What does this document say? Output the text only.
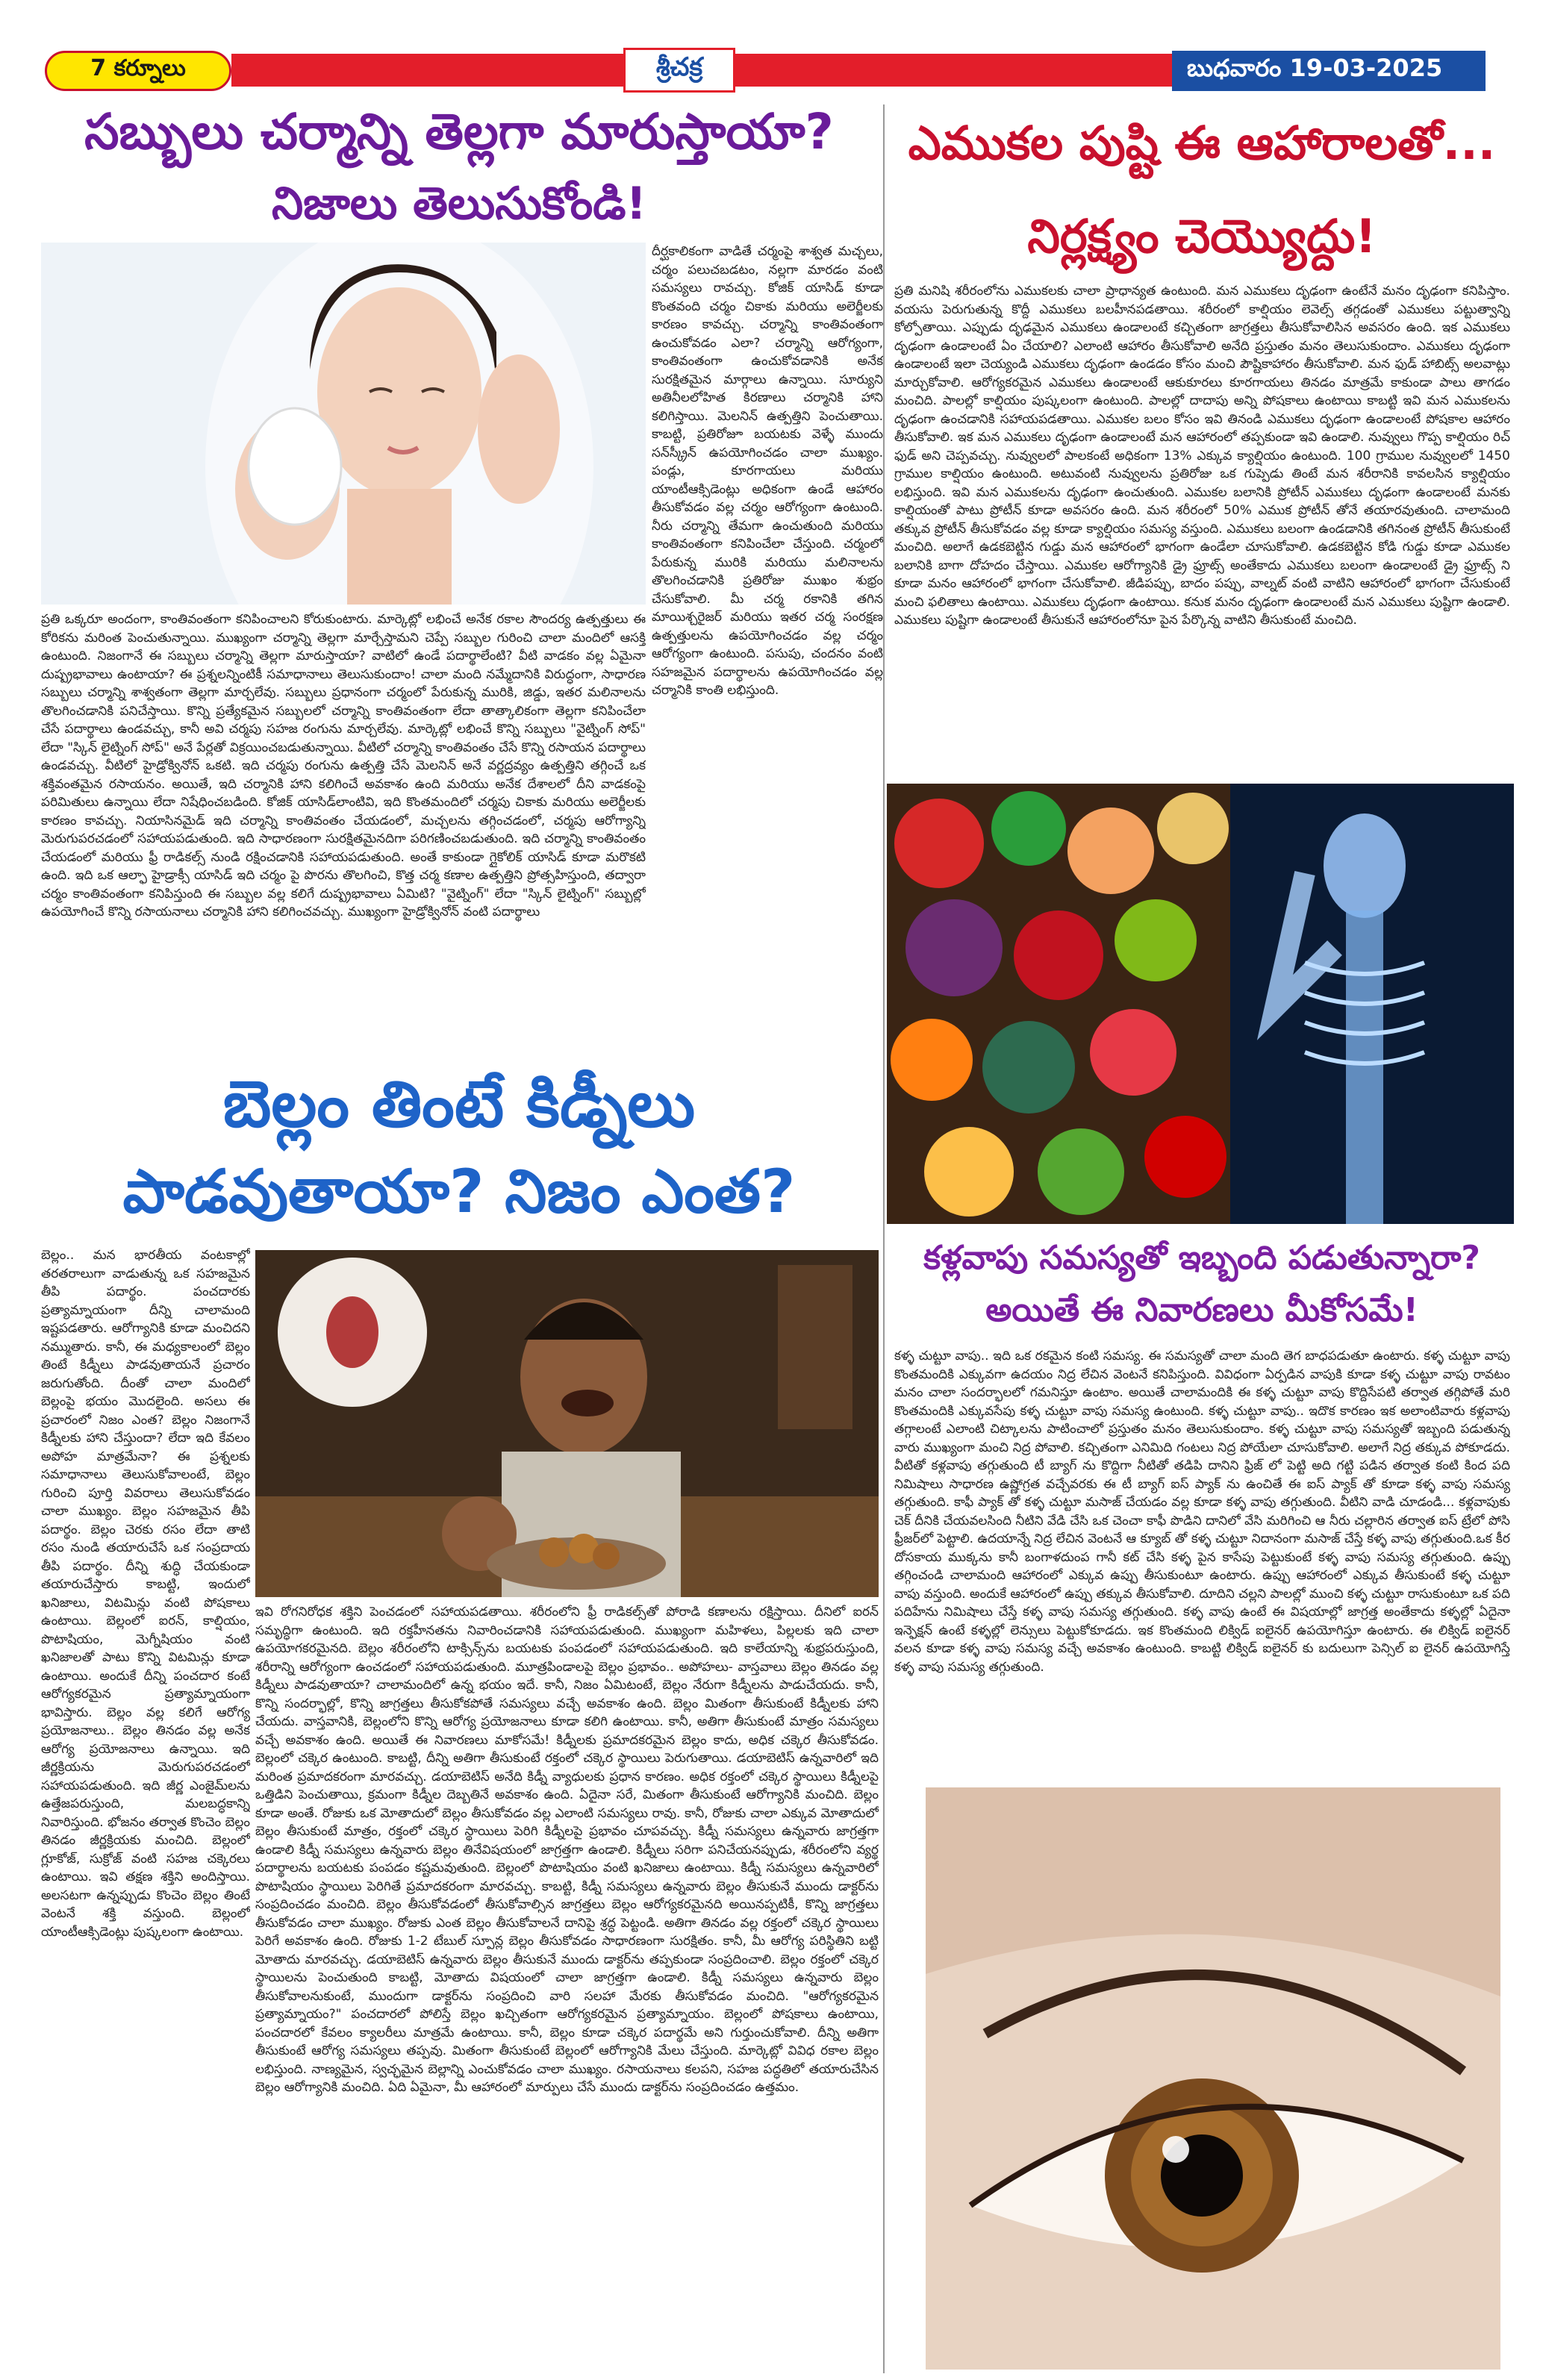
7 కర్నూలు	శ్రీచక్ర	బుధవారం 19-03-2025
సబ్బులు చర్మాన్ని తెల్లగా మారుస్తాయా?
నిజాలు తెలుసుకోండి!
దీర్ఘకాలికంగా వాడితే చర్మంపై శాశ్వత మచ్చలు, చర్మం పలుచబడటం, నల్లగా మారడం వంటి సమస్యలు రావచ్చు. కోజిక్ యాసిడ్ కూడా కొంతవంది చర్మం చికాకు మరియు అలెర్జీలకు కారణం కావచ్చు. చర్మాన్ని కాంతివంతంగా ఉంచుకోవడం ఎలా? చర్మాన్ని ఆరోగ్యంగా, కాంతివంతంగా ఉంచుకోవడానికి అనేక సురక్షితమైన మార్గాలు ఉన్నాయి. సూర్యుని అతినీలలోహిత కిరణాలు చర్మానికి హాని కలిగిస్తాయి. మెలనిన్ ఉత్పత్తిని పెంచుతాయి. కాబట్టి, ప్రతిరోజూ బయటకు వెళ్ళే ముందు సన్‌స్క్రీన్ ఉపయోగించడం చాలా ముఖ్యం. పండ్లు, కూరగాయలు మరియు యాంటీఆక్సిడెంట్లు అధికంగా ఉండే ఆహారం తీసుకోవడం వల్ల చర్మం ఆరోగ్యంగా ఉంటుంది. నీరు చర్మాన్ని తేమగా ఉంచుతుంది మరియు కాంతివంతంగా కనిపించేలా చేస్తుంది. చర్మంలో పేరుకున్న మురికి మరియు మలినాలను తొలగించడానికి ప్రతిరోజు ముఖం శుభ్రం చేసుకోవాలి. మీ చర్మ రకానికి తగిన మాయిశ్చరైజర్ మరియు ఇతర చర్మ సంరక్షణ ఉత్పత్తులను ఉపయోగించడం వల్ల చర్మం ఆరోగ్యంగా ఉంటుంది. పసుపు, చందనం వంటి సహజమైన పదార్థాలను ఉపయోగించడం వల్ల చర్మానికి కాంతి లభిస్తుంది.
ప్రతి ఒక్కరూ అందంగా, కాంతివంతంగా కనిపించాలని కోరుకుంటారు. మార్కెట్లో లభించే అనేక రకాల సౌందర్య ఉత్పత్తులు ఈ కోరికను మరింత పెంచుతున్నాయి. ముఖ్యంగా చర్మాన్ని తెల్లగా మార్చేస్తామని చెప్పే సబ్బుల గురించి చాలా మందిలో ఆసక్తి ఉంటుంది. నిజంగానే ఈ సబ్బులు చర్మాన్ని తెల్లగా మారుస్తాయా? వాటిలో ఉండే పదార్థాలేంటి? వీటి వాడకం వల్ల ఏమైనా దుష్ప్రభావాలు ఉంటాయా? ఈ ప్రశ్నలన్నింటికీ సమాధానాలు తెలుసుకుందాం! చాలా మంది నమ్మేదానికి విరుద్ధంగా, సాధారణ సబ్బులు చర్మాన్ని శాశ్వతంగా తెల్లగా మార్చలేవు. సబ్బులు ప్రధానంగా చర్మంలో పేరుకున్న మురికి, జిడ్డు, ఇతర మలినాలను తొలగించడానికి పనిచేస్తాయి. కొన్ని ప్రత్యేకమైన సబ్బులలో చర్మాన్ని కాంతివంతంగా లేదా తాత్కాలికంగా తెల్లగా కనిపించేలా చేసే పదార్థాలు ఉండవచ్చు, కానీ అవి చర్మపు సహజ రంగును మార్చలేవు. మార్కెట్లో లభించే కొన్ని సబ్బులు "వైట్నింగ్ సోప్" లేదా "స్కిన్ లైట్నింగ్ సోప్" అనే పేర్లతో విక్రయించబడుతున్నాయి. వీటిలో చర్మాన్ని కాంతివంతం చేసే కొన్ని రసాయన పదార్థాలు ఉండవచ్చు. వీటిలో హైడ్రోక్వినోన్ ఒకటి. ఇది చర్మపు రంగును ఉత్పత్తి చేసే మెలనిన్ అనే వర్ణద్రవ్యం ఉత్పత్తిని తగ్గించే ఒక శక్తివంతమైన రసాయనం. అయితే, ఇది చర్మానికి హాని కలిగించే అవకాశం ఉంది మరియు అనేక దేశాలలో దీని వాడకంపై పరిమితులు ఉన్నాయి లేదా నిషేధించబడింది. కోజిక్ యాసిడ్‌లాంటివి, ఇది కొంతమందిలో చర్మపు చికాకు మరియు అలెర్జీలకు కారణం కావచ్చు. నియాసినమైడ్ ఇది చర్మాన్ని కాంతివంతం చేయడంలో, మచ్చలను తగ్గించడంలో, చర్మపు ఆరోగ్యాన్ని మెరుగుపరచడంలో సహాయపడుతుంది. ఇది సాధారణంగా సురక్షితమైనదిగా పరిగణించబడుతుంది. ఇది చర్మాన్ని కాంతివంతం చేయడంలో మరియు ఫ్రీ రాడికల్స్ నుండి రక్షించడానికి సహాయపడుతుంది. అంతే కాకుండా గ్లైకోలిక్ యాసిడ్ కూడా మరొకటి ఉంది. ఇది ఒక ఆల్ఫా హైడ్రాక్సీ యాసిడ్ ఇది చర్మం పై పొరను తొలగించి, కొత్త చర్మ కణాల ఉత్పత్తిని ప్రోత్సహిస్తుంది, తద్వారా చర్మం కాంతివంతంగా కనిపిస్తుంది ఈ సబ్బుల వల్ల కలిగే దుష్ప్రభావాలు ఏమిటి? "వైట్నింగ్" లేదా "స్కిన్ లైట్నింగ్" సబ్బుల్లో ఉపయోగించే కొన్ని రసాయనాలు చర్మానికి హాని కలిగించవచ్చు. ముఖ్యంగా హైడ్రోక్వినోన్ వంటి పదార్థాలు
ఎముకల పుష్టి ఈ ఆహారాలతో...
నిర్లక్ష్యం చెయ్యొద్దు!
ప్రతి మనిషి శరీరంలోను ఎముకలకు చాలా ప్రాధాన్యత ఉంటుంది. మన ఎముకలు దృఢంగా ఉంటేనే మనం దృఢంగా కనిపిస్తాం. వయసు పెరుగుతున్న కొద్దీ ఎముకలు బలహీనపడతాయి. శరీరంలో కాల్షియం లెవెల్స్ తగ్గడంతో ఎముకలు పట్టుత్వాన్ని కోల్పోతాయి. ఎప్పుడు దృఢమైన ఎముకలు ఉండాలంటే కచ్చితంగా జాగ్రత్తలు తీసుకోవాలిసిన అవసరం ఉంది. ఇక ఎముకలు దృఢంగా ఉండాలంటే ఏం చేయాలి? ఎలాంటి ఆహారం తీసుకోవాలి అనేది ప్రస్తుతం మనం తెలుసుకుందాం. ఎముకలు దృఢంగా ఉండాలంటే ఇలా చెయ్యండి ఎముకలు దృఢంగా ఉండడం కోసం మంచి పౌష్టికాహారం తీసుకోవాలి. మన ఫుడ్ హాబిట్స్ అలవాట్లు మార్చుకోవాలి. ఆరోగ్యకరమైన ఎముకలు ఉండాలంటే ఆకుకూరలు కూరగాయలు తినడం మాత్రమే కాకుండా పాలు తాగడం మంచిది. పాలల్లో కాల్షియం పుష్కలంగా ఉంటుంది. పాలల్లో దాదాపు అన్ని పోషకాలు ఉంటాయి కాబట్టి ఇవి మన ఎముకలను దృఢంగా ఉంచడానికి సహాయపడతాయి. ఎముకల బలం కోసం ఇవి తినండి ఎముకలు దృఢంగా ఉండాలంటే పోషకాల ఆహారం తీసుకోవాలి. ఇక మన ఎముకలు దృఢంగా ఉండాలంటే మన ఆహారంలో తప్పకుండా ఇవి ఉండాలి. నువ్వులు గొప్ప కాల్షియం రిచ్ ఫుడ్ అని చెప్పవచ్చు. నువ్వులలో పాలకంటే అధికంగా 13% ఎక్కువ క్యాల్షియం ఉంటుంది. 100 గ్రాముల నువ్వులలో 1450 గ్రాముల కాల్షియం ఉంటుంది. అటువంటి నువ్వులను ప్రతిరోజు ఒక గుప్పెడు తింటే మన శరీరానికి కావలసిన క్యాల్షియం లభిస్తుంది. ఇవి మన ఎముకలను దృఢంగా ఉంచుతుంది. ఎముకల బలానికి ప్రోటీన్ ఎముకలు దృఢంగా ఉండాలంటే మనకు కాల్షియంతో పాటు ప్రోటీన్ కూడా అవసరం ఉంది. మన శరీరంలో 50% ఎముక ప్రోటీన్ తోనే తయారవుతుంది. చాలామంది తక్కువ ప్రోటీన్ తీసుకోవడం వల్ల కూడా క్యాల్షియం సమస్య వస్తుంది. ఎముకలు బలంగా ఉండడానికి తగినంత ప్రోటీన్ తీసుకుంటే మంచిది. అలాగే ఉడకబెట్టిన గుడ్డు మన ఆహారంలో భాగంగా ఉండేలా చూసుకోవాలి. ఉడకబెట్టిన కోడి గుడ్డు కూడా ఎముకల బలానికి బాగా దోహదం చేస్తాయి. ఎముకల ఆరోగ్యానికి డ్రై ఫ్రూట్స్ అంతేకాదు ఎముకలు బలంగా ఉండాలంటే డ్రై ఫ్రూట్స్ ని కూడా మనం ఆహారంలో భాగంగా చేసుకోవాలి. జీడిపప్పు, బాదం పప్పు, వాల్నట్ వంటి వాటిని ఆహారంలో భాగంగా చేసుకుంటే మంచి ఫలితాలు ఉంటాయి. ఎముకలు దృఢంగా ఉంటాయి. కనుక మనం దృఢంగా ఉండాలంటే మన ఎముకలు పుష్టిగా ఉండాలి. ఎముకలు పుష్టిగా ఉండాలంటే తీసుకునే ఆహారంలోనూ పైన పేర్కొన్న వాటిని తీసుకుంటే మంచిది.
బెల్లం తింటే కిడ్నీలు
పాడవుతాయా? నిజం ఎంత?
బెల్లం.. మన భారతీయ వంటకాల్లో తరతరాలుగా వాడుతున్న ఒక సహజమైన తీపి పదార్థం. పంచదారకు ప్రత్యామ్నాయంగా దీన్ని చాలామంది ఇష్టపడతారు. ఆరోగ్యానికి కూడా మంచిదని నమ్ముతారు. కానీ, ఈ మధ్యకాలంలో బెల్లం తింటే కిడ్నీలు పాడవుతాయనే ప్రచారం జరుగుతోంది. దీంతో చాలా మందిలో బెల్లంపై భయం మొదలైంది. అసలు ఈ ప్రచారంలో నిజం ఎంత? బెల్లం నిజంగానే కిడ్నీలకు హాని చేస్తుందా? లేదా ఇది కేవలం అపోహ మాత్రమేనా? ఈ ప్రశ్నలకు సమాధానాలు తెలుసుకోవాలంటే, బెల్లం గురించి పూర్తి వివరాలు తెలుసుకోవడం చాలా ముఖ్యం. బెల్లం సహజమైన తీపి పదార్థం. బెల్లం చెరకు రసం లేదా తాటి రసం నుండి తయారుచేసే ఒక సంప్రదాయ తీపి పదార్థం. దీన్ని శుద్ధి చేయకుండా తయారుచేస్తారు కాబట్టి, ఇందులో ఖనిజాలు, విటమిన్లు వంటి పోషకాలు ఉంటాయి. బెల్లంలో ఐరన్, కాల్షియం, పొటాషియం, మెగ్నీషియం వంటి ఖనిజాలతో పాటు కొన్ని విటమిన్లు కూడా ఉంటాయి. అందుకే దీన్ని పంచదార కంటే ఆరోగ్యకరమైన ప్రత్యామ్నాయంగా భావిస్తారు. బెల్లం వల్ల కలిగే ఆరోగ్య ప్రయోజనాలు.. బెల్లం తినడం వల్ల అనేక ఆరోగ్య ప్రయోజనాలు ఉన్నాయి. ఇది జీర్ణక్రియను మెరుగుపరచడంలో సహాయపడుతుంది. ఇది జీర్ణ ఎంజైమ్‌లను ఉత్తేజపరుస్తుంది, మలబద్ధకాన్ని నివారిస్తుంది. భోజనం తర్వాత కొంచెం బెల్లం తినడం జీర్ణక్రియకు మంచిది. బెల్లంలో గ్లూకోజ్, సుక్రోజ్ వంటి సహజ చక్కెరలు ఉంటాయి. ఇవి తక్షణ శక్తిని అందిస్తాయి. అలసటగా ఉన్నప్పుడు కొంచెం బెల్లం తింటే వెంటనే శక్తి వస్తుంది. బెల్లంలో యాంటీఆక్సిడెంట్లు పుష్కలంగా ఉంటాయి.
ఇవి రోగనిరోధక శక్తిని పెంచడంలో సహాయపడతాయి. శరీరంలోని ఫ్రీ రాడికల్స్‌తో పోరాడి కణాలను రక్షిస్తాయి. దీనిలో ఐరన్ సమృద్ధిగా ఉంటుంది. ఇది రక్తహీనతను నివారించడానికి సహాయపడుతుంది. ముఖ్యంగా మహిళలు, పిల్లలకు ఇది చాలా ఉపయోగకరమైనది. బెల్లం శరీరంలోని టాక్సిన్స్‌ను బయటకు పంపడంలో సహాయపడుతుంది. ఇది కాలేయాన్ని శుభ్రపరుస్తుంది, శరీరాన్ని ఆరోగ్యంగా ఉంచడంలో సహాయపడుతుంది. మూత్రపిండాలపై బెల్లం ప్రభావం.. అపోహలు- వాస్తవాలు బెల్లం తినడం వల్ల కిడ్నీలు పాడవుతాయా? చాలామందిలో ఉన్న భయం ఇదే. కానీ, నిజం ఏమిటంటే, బెల్లం నేరుగా కిడ్నీలను పాడుచేయదు. కానీ, కొన్ని సందర్భాల్లో, కొన్ని జాగ్రత్తలు తీసుకోకపోతే సమస్యలు వచ్చే అవకాశం ఉంది. బెల్లం మితంగా తీసుకుంటే కిడ్నీలకు హాని చేయదు. వాస్తవానికి, బెల్లంలోని కొన్ని ఆరోగ్య ప్రయోజనాలు కూడా కలిగి ఉంటాయి. కానీ, అతిగా తీసుకుంటే మాత్రం సమస్యలు వచ్చే అవకాశం ఉంది. అయితే ఈ నివారణలు మాకోసమే! కిడ్నీలకు ప్రమాదకరమైన బెల్లం కాదు, అధిక చక్కెర తీసుకోవడం. బెల్లంలో చక్కెర ఉంటుంది. కాబట్టి, దీన్ని అతిగా తీసుకుంటే రక్తంలో చక్కెర స్థాయిలు పెరుగుతాయి. డయాబెటిస్ ఉన్నవారిలో ఇది మరింత ప్రమాదకరంగా మారవచ్చు. డయాబెటిస్ అనేది కిడ్నీ వ్యాధులకు ప్రధాన కారణం. అధిక రక్తంలో చక్కెర స్థాయిలు కిడ్నీలపై ఒత్తిడిని పెంచుతాయి, క్రమంగా కిడ్నీల దెబ్బతినే అవకాశం ఉంది. ఏదైనా సరే, మితంగా తీసుకుంటే ఆరోగ్యానికి మంచిది. బెల్లం కూడా అంతే. రోజుకు ఒక మోతాదులో బెల్లం తీసుకోవడం వల్ల ఎలాంటి సమస్యలు రావు. కానీ, రోజుకు చాలా ఎక్కువ మోతాదులో బెల్లం తీసుకుంటే మాత్రం, రక్తంలో చక్కెర స్థాయిలు పెరిగి కిడ్నీలపై ప్రభావం చూపవచ్చు. కిడ్నీ సమస్యలు ఉన్నవారు జాగ్రత్తగా ఉండాలి కిడ్నీ సమస్యలు ఉన్నవారు బెల్లం తినేవిషయంలో జాగ్రత్తగా ఉండాలి. కిడ్నీలు సరిగా పనిచేయనప్పుడు, శరీరంలోని వ్యర్థ పదార్థాలను బయటకు పంపడం కష్టమవుతుంది. బెల్లంలో పొటాషియం వంటి ఖనిజాలు ఉంటాయి. కిడ్నీ సమస్యలు ఉన్నవారిలో పొటాషియం స్థాయిలు పెరిగితే ప్రమాదకరంగా మారవచ్చు. కాబట్టి, కిడ్నీ సమస్యలు ఉన్నవారు బెల్లం తీసుకునే ముందు డాక్టర్‌ను సంప్రదించడం మంచిది. బెల్లం తీసుకోవడంలో తీసుకోవాల్సిన జాగ్రత్తలు బెల్లం ఆరోగ్యకరమైనది అయినప్పటికీ, కొన్ని జాగ్రత్తలు తీసుకోవడం చాలా ముఖ్యం. రోజుకు ఎంత బెల్లం తీసుకోవాలనే దానిపై శ్రద్ధ పెట్టండి. అతిగా తినడం వల్ల రక్తంలో చక్కెర స్థాయిలు పెరిగే అవకాశం ఉంది. రోజుకు 1-2 టేబుల్ స్పూన్ల బెల్లం తీసుకోవడం సాధారణంగా సురక్షితం. కానీ, మీ ఆరోగ్య పరిస్థితిని బట్టి మోతాదు మారవచ్చు. డయాబెటిస్ ఉన్నవారు బెల్లం తీసుకునే ముందు డాక్టర్‌ను తప్పకుండా సంప్రదించాలి. బెల్లం రక్తంలో చక్కెర స్థాయిలను పెంచుతుంది కాబట్టి, మోతాదు విషయంలో చాలా జాగ్రత్తగా ఉండాలి. కిడ్నీ సమస్యలు ఉన్నవారు బెల్లం తీసుకోవాలనుకుంటే, ముందుగా డాక్టర్‌ను సంప్రదించి వారి సలహా మేరకు తీసుకోవడం మంచిది. "ఆరోగ్యకరమైన ప్రత్యామ్నాయం?" పంచదారలో పోలిస్తే బెల్లం ఖచ్చితంగా ఆరోగ్యకరమైన ప్రత్యామ్నాయం. బెల్లంలో పోషకాలు ఉంటాయి, పంచదారలో కేవలం క్యాలరీలు మాత్రమే ఉంటాయి. కానీ, బెల్లం కూడా చక్కెర పదార్థమే అని గుర్తుంచుకోవాలి. దీన్ని అతిగా తీసుకుంటే ఆరోగ్య సమస్యలు తప్పవు. మితంగా తీసుకుంటే బెల్లంలో ఆరోగ్యానికి మేలు చేస్తుంది. మార్కెట్లో వివిధ రకాల బెల్లం లభిస్తుంది. నాణ్యమైన, స్వచ్ఛమైన బెల్లాన్ని ఎంచుకోవడం చాలా ముఖ్యం. రసాయనాలు కలపని, సహజ పద్ధతిలో తయారుచేసిన బెల్లం ఆరోగ్యానికి మంచిది. ఏది ఏమైనా, మీ ఆహారంలో మార్పులు చేసే ముందు డాక్టర్‌ను సంప్రదించడం ఉత్తమం.
కళ్లవాపు సమస్యతో ఇబ్బంది పడుతున్నారా?
అయితే ఈ నివారణలు మీకోసమే!
కళ్ళ చుట్టూ వాపు.. ఇది ఒక రకమైన కంటి సమస్య. ఈ సమస్యతో చాలా మంది తెగ బాధపడుతూ ఉంటారు. కళ్ళ చుట్టూ వాపు కొంతమందికి ఎక్కువగా ఉదయం నిద్ర లేచిన వెంటనే కనిపిస్తుంది. వివిధంగా ఏర్పడిన వాపుకి కూడా కళ్ళ చుట్టూ వాపు రావటం మనం చాలా సందర్భాలలో గమనిస్తూ ఉంటాం. అయితే చాలామందికి ఈ కళ్ళ చుట్టూ వాపు కొద్దిసేపటి తర్వాత తగ్గిపోతే మరి కొంతమందికి ఎక్కువసేపు కళ్ళ చుట్టూ వాపు సమస్య ఉంటుంది. కళ్ళ చుట్టూ వాపు.. ఇదొక కారణం ఇక అలాంటివారు కళ్లవాపు తగ్గాలంటే ఎలాంటి చిట్కాలను పాటించాలో ప్రస్తుతం మనం తెలుసుకుందాం. కళ్ళ చుట్టూ వాపు సమస్యతో ఇబ్బంది పడుతున్న వారు ముఖ్యంగా మంచి నిద్ర పోవాలి. కచ్చితంగా ఎనిమిది గంటలు నిద్ర పోయేలా చూసుకోవాలి. అలాగే నిద్ర తక్కువ పోకూడదు. వీటితో కళ్లవాపు తగ్గుతుంది టీ బ్యాగ్ ను కొద్దిగా నీటితో తడిపి దానిని ఫ్రిజ్ లో పెట్టి అది గట్టి పడిన తర్వాత కంటి కింద పది నిమిషాలు సాధారణ ఉష్ణోగ్రత వచ్చేవరకు ఈ టీ బ్యాగ్ ఐస్ ప్యాక్ ను ఉంచితే ఈ ఐస్ ప్యాక్ తో కూడా కళ్ళ వాపు సమస్య తగ్గుతుంది. కాఫీ ప్యాక్ తో కళ్ళ చుట్టూ మసాజ్ చేయడం వల్ల కూడా కళ్ళ వాపు తగ్గుతుంది. వీటిని వాడి చూడండి... కళ్లవాపుకు చెక్ దీనికి చేయవలసింది నీటిని వేడి చేసి ఒక చెంచా కాఫీ పొడిని దానిలో వేసి మరిగించి ఆ నీరు చల్లారిన తర్వాత ఐస్ ట్రేలో పోసి ఫ్రీజర్‌లో పెట్టాలి. ఉదయాన్నే నిద్ర లేచిన వెంటనే ఆ క్యూబ్ తో కళ్ళ చుట్టూ నిదానంగా మసాజ్ చేస్తే కళ్ళ వాపు తగ్గుతుంది.ఒక కీర దోసకాయ ముక్కను కానీ బంగాళదుంప గానీ కట్ చేసి కళ్ళ పైన కాసేపు పెట్టుకుంటే కళ్ళ వాపు సమస్య తగ్గుతుంది. ఉప్పు తగ్గించండి చాలామంది ఆహారంలో ఎక్కువ ఉప్పు తీసుకుంటూ ఉంటారు. ఉప్పు ఆహారంలో ఎక్కువ తీసుకుంటే కళ్ళ చుట్టూ వాపు వస్తుంది. అందుకే ఆహారంలో ఉప్పు తక్కువ తీసుకోవాలి. దూదిని చల్లని పాలల్లో ముంచి కళ్ళ చుట్టూ రాసుకుంటూ ఒక పది పదిహేను నిమిషాలు చేస్తే కళ్ళ వాపు సమస్య తగ్గుతుంది. కళ్ళ వాపు ఉంటే ఈ విషయాల్లో జాగ్రత్త అంతేకాదు కళ్ళల్లో ఏదైనా ఇన్ఫెక్షన్ ఉంటే కళ్ళల్లో లెన్సులు పెట్టుకోకూడదు. ఇక కొంతమంది లిక్విడ్ ఐలైనర్ ఉపయోగిస్తూ ఉంటారు. ఈ లిక్విడ్ ఐలైనర్ వలన కూడా కళ్ళ వాపు సమస్య వచ్చే అవకాశం ఉంటుంది. కాబట్టి లిక్విడ్ ఐలైనర్ కు బదులుగా పెన్సిల్ ఐ లైనర్ ఉపయోగిస్తే కళ్ళ వాపు సమస్య తగ్గుతుంది.
